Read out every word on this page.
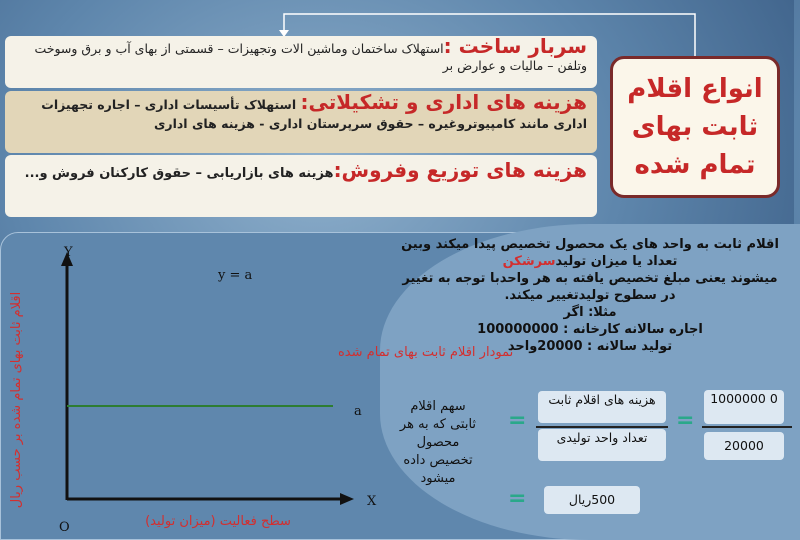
سربار ساخت :استهلاک ساختمان وماشین الات وتجهیزات – قسمتی از بهای آب و برق وسوخت وتلفن – مالیات و عوارض بر
هزینه های اداری و تشکیلاتی: استهلاک تأسیسات اداری – اجاره تجهیزات اداری مانند کامپیوتروغیره – حقوق سرپرستان اداری - هزینه های اداری
هزینه های توزیع وفروش:هزینه های بازاریابی – حقوق کارکنان فروش و...
انواع اقلام
ثابت بهای
تمام شده
Y
X
O
y = a
a
نمودار اقلام ثابت بهای تمام شده
سطح فعالیت (میزان تولید)
اقلام ثابت بهای تمام شده بر حسب ریال
اقلام ثابت به واحد های یک محصول تخصیص پیدا میکند وبین تعداد یا میزان تولیدسرشکن
میشوند یعنی مبلغ تخصیص یافته به هر واحدبا توجه به تغییر در سطوح تولیدتغییر میکند.
مثلا: اگر
اجاره سالانه کارخانه : 100000000
تولید سالانه : 20000واحد
سهم اقلام ثابتی که به هر محصول تخصیص داده میشود
=
هزینه های اقلام ثابت
تعداد واحد تولیدی
=
1000000 0
20000
=	500ریال
